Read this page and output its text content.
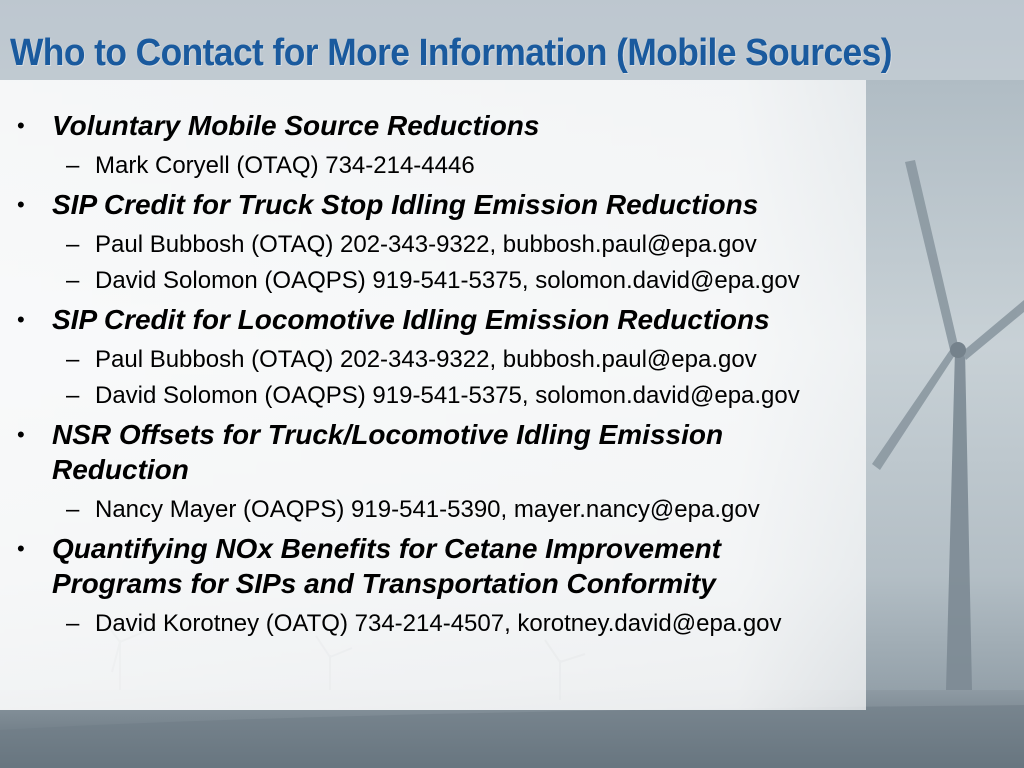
Who to Contact for More Information (Mobile Sources)
• Voluntary Mobile Source Reductions
– Mark Coryell (OTAQ) 734-214-4446
• SIP Credit for Truck Stop Idling Emission Reductions
– Paul Bubbosh (OTAQ) 202-343-9322, bubbosh.paul@epa.gov
– David Solomon (OAQPS) 919-541-5375, solomon.david@epa.gov
• SIP Credit for Locomotive Idling Emission Reductions
– Paul Bubbosh (OTAQ) 202-343-9322, bubbosh.paul@epa.gov
– David Solomon (OAQPS) 919-541-5375, solomon.david@epa.gov
• NSR Offsets for Truck/Locomotive Idling Emission
Reduction
– Nancy Mayer (OAQPS) 919-541-5390, mayer.nancy@epa.gov
• Quantifying NOx Benefits for Cetane Improvement
Programs for SIPs and Transportation Conformity
– David Korotney (OATQ) 734-214-4507, korotney.david@epa.gov
